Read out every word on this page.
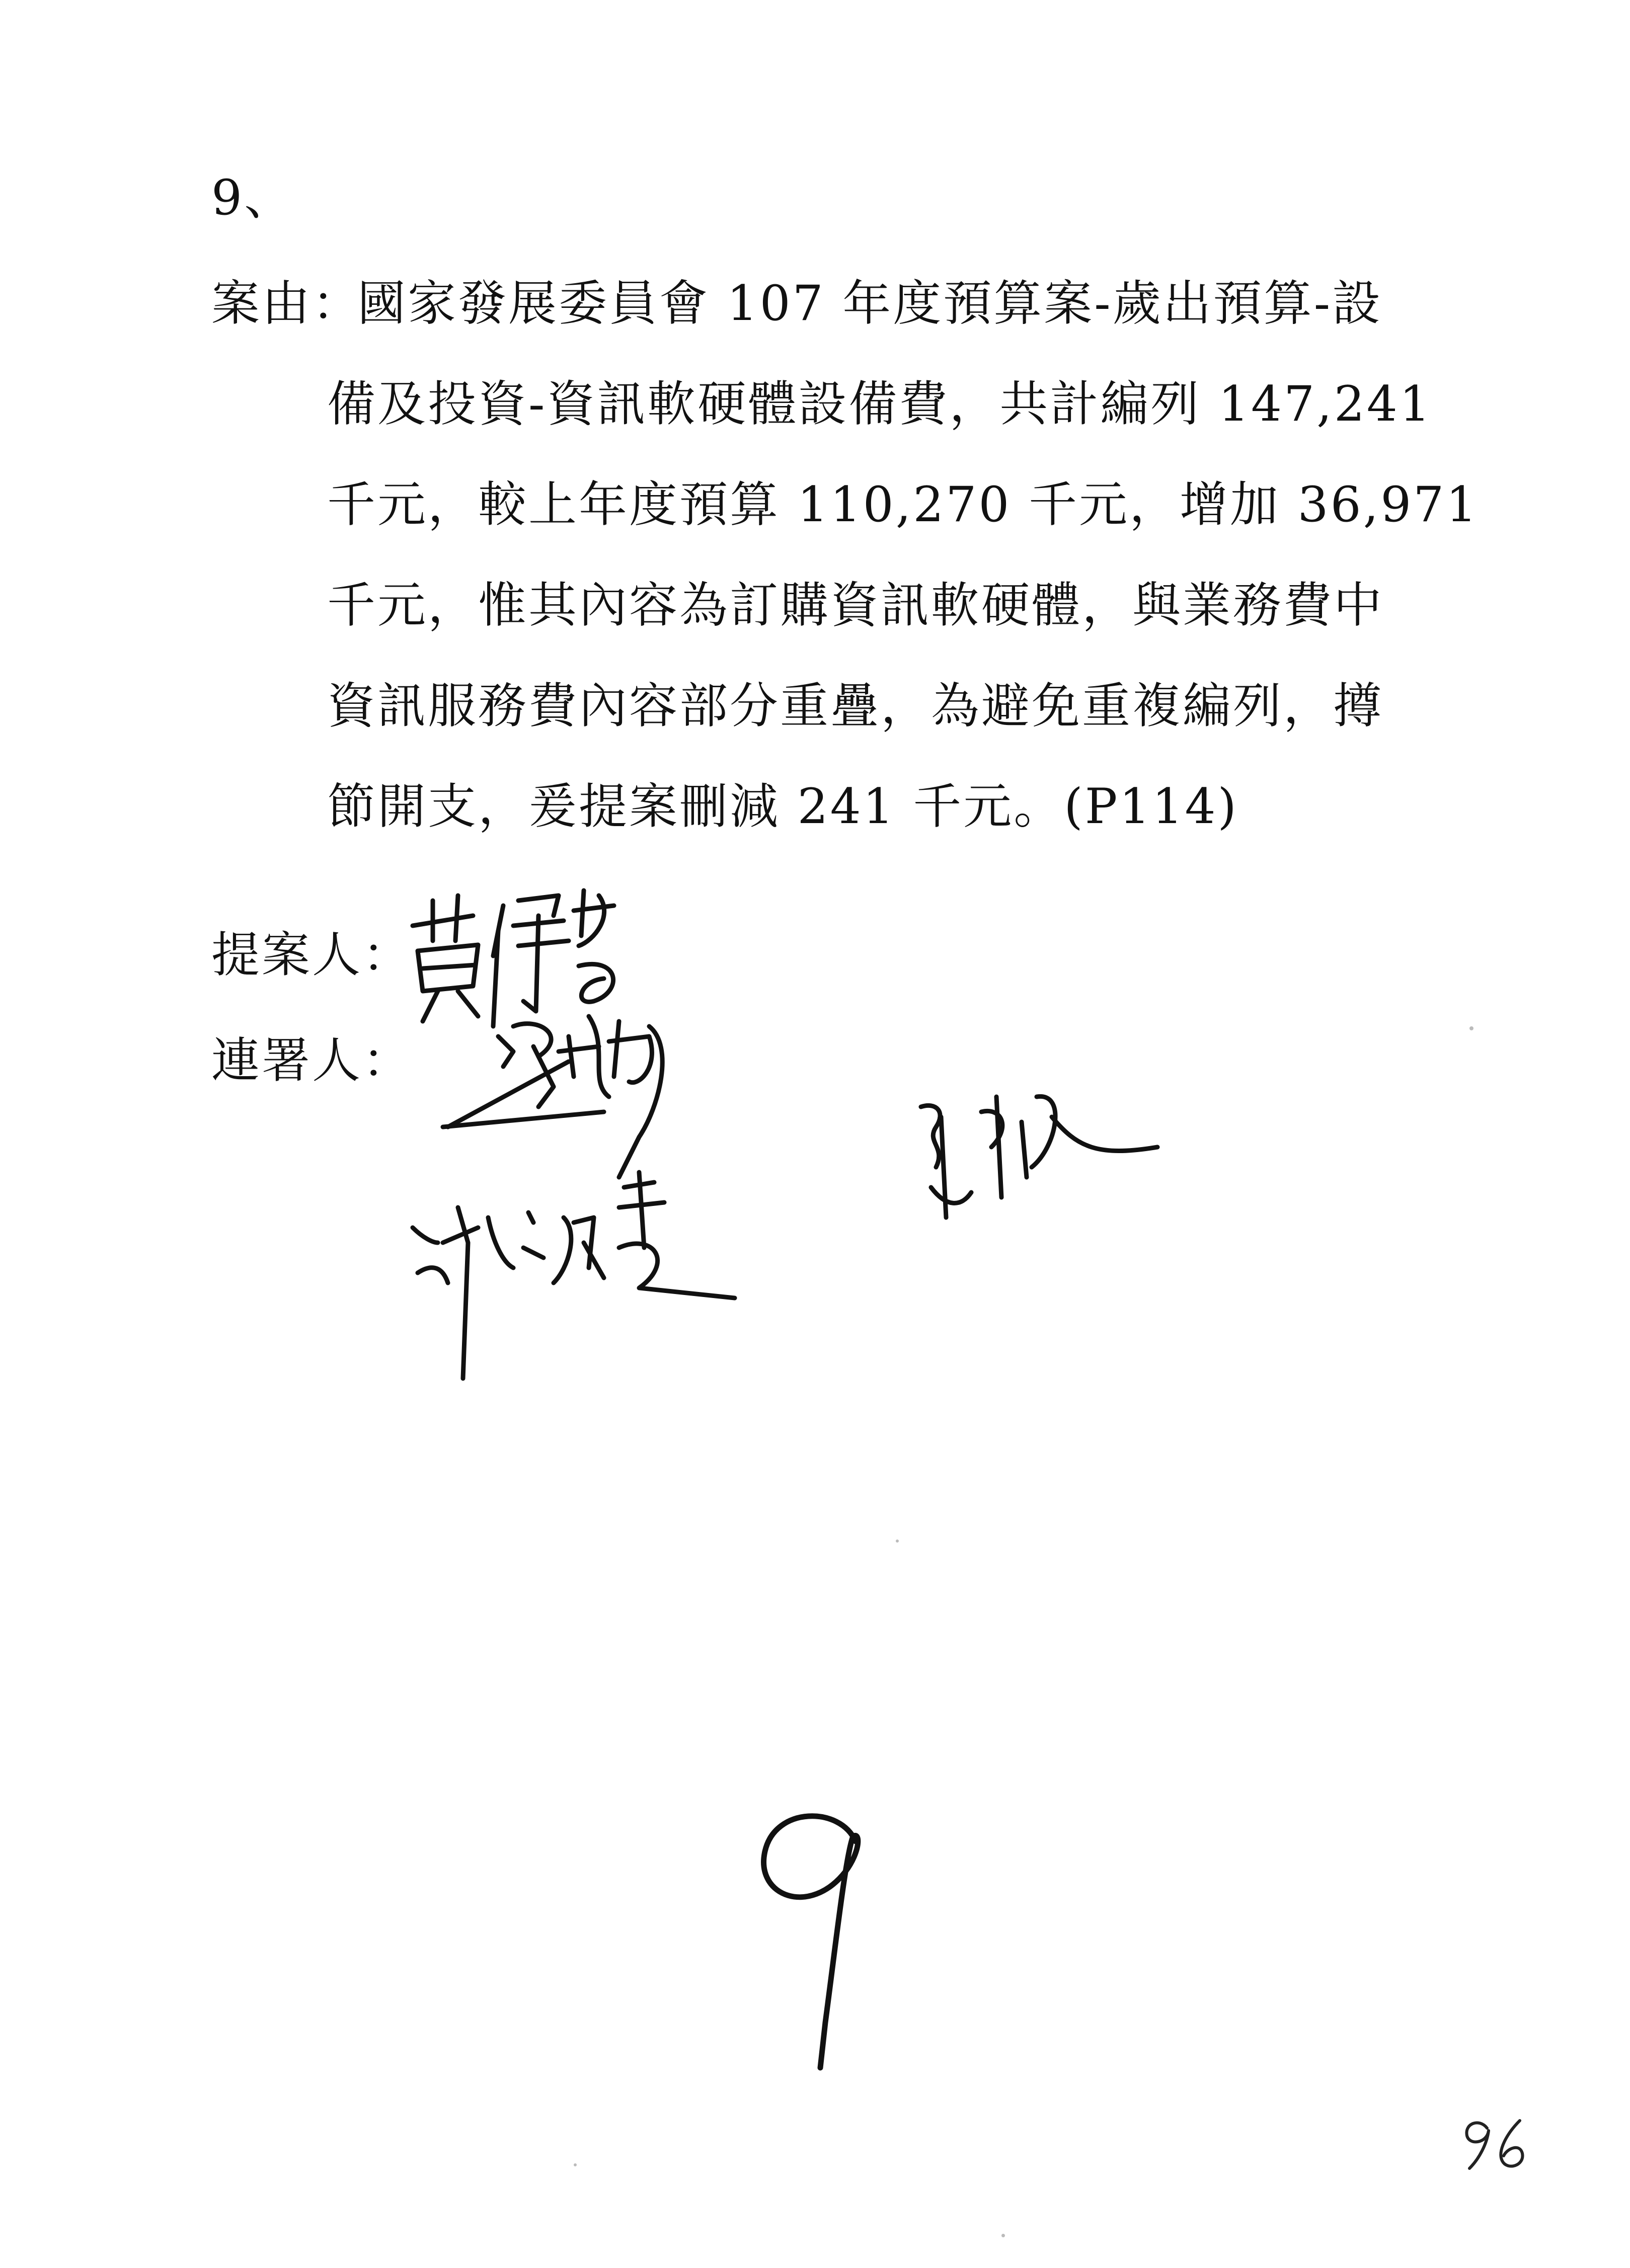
9、
案由：
國家發展委員會 107 年度預算案-歲出預算-設
備及投資-資訊軟硬體設備費，共計編列 147,241
千元，較上年度預算 110,270 千元，增加 36,971
千元，惟其內容為訂購資訊軟硬體，與業務費中
資訊服務費內容部分重疊，為避免重複編列，撙
節開支，爰提案刪減 241 千元。(P114)
提案人：
連署人：
